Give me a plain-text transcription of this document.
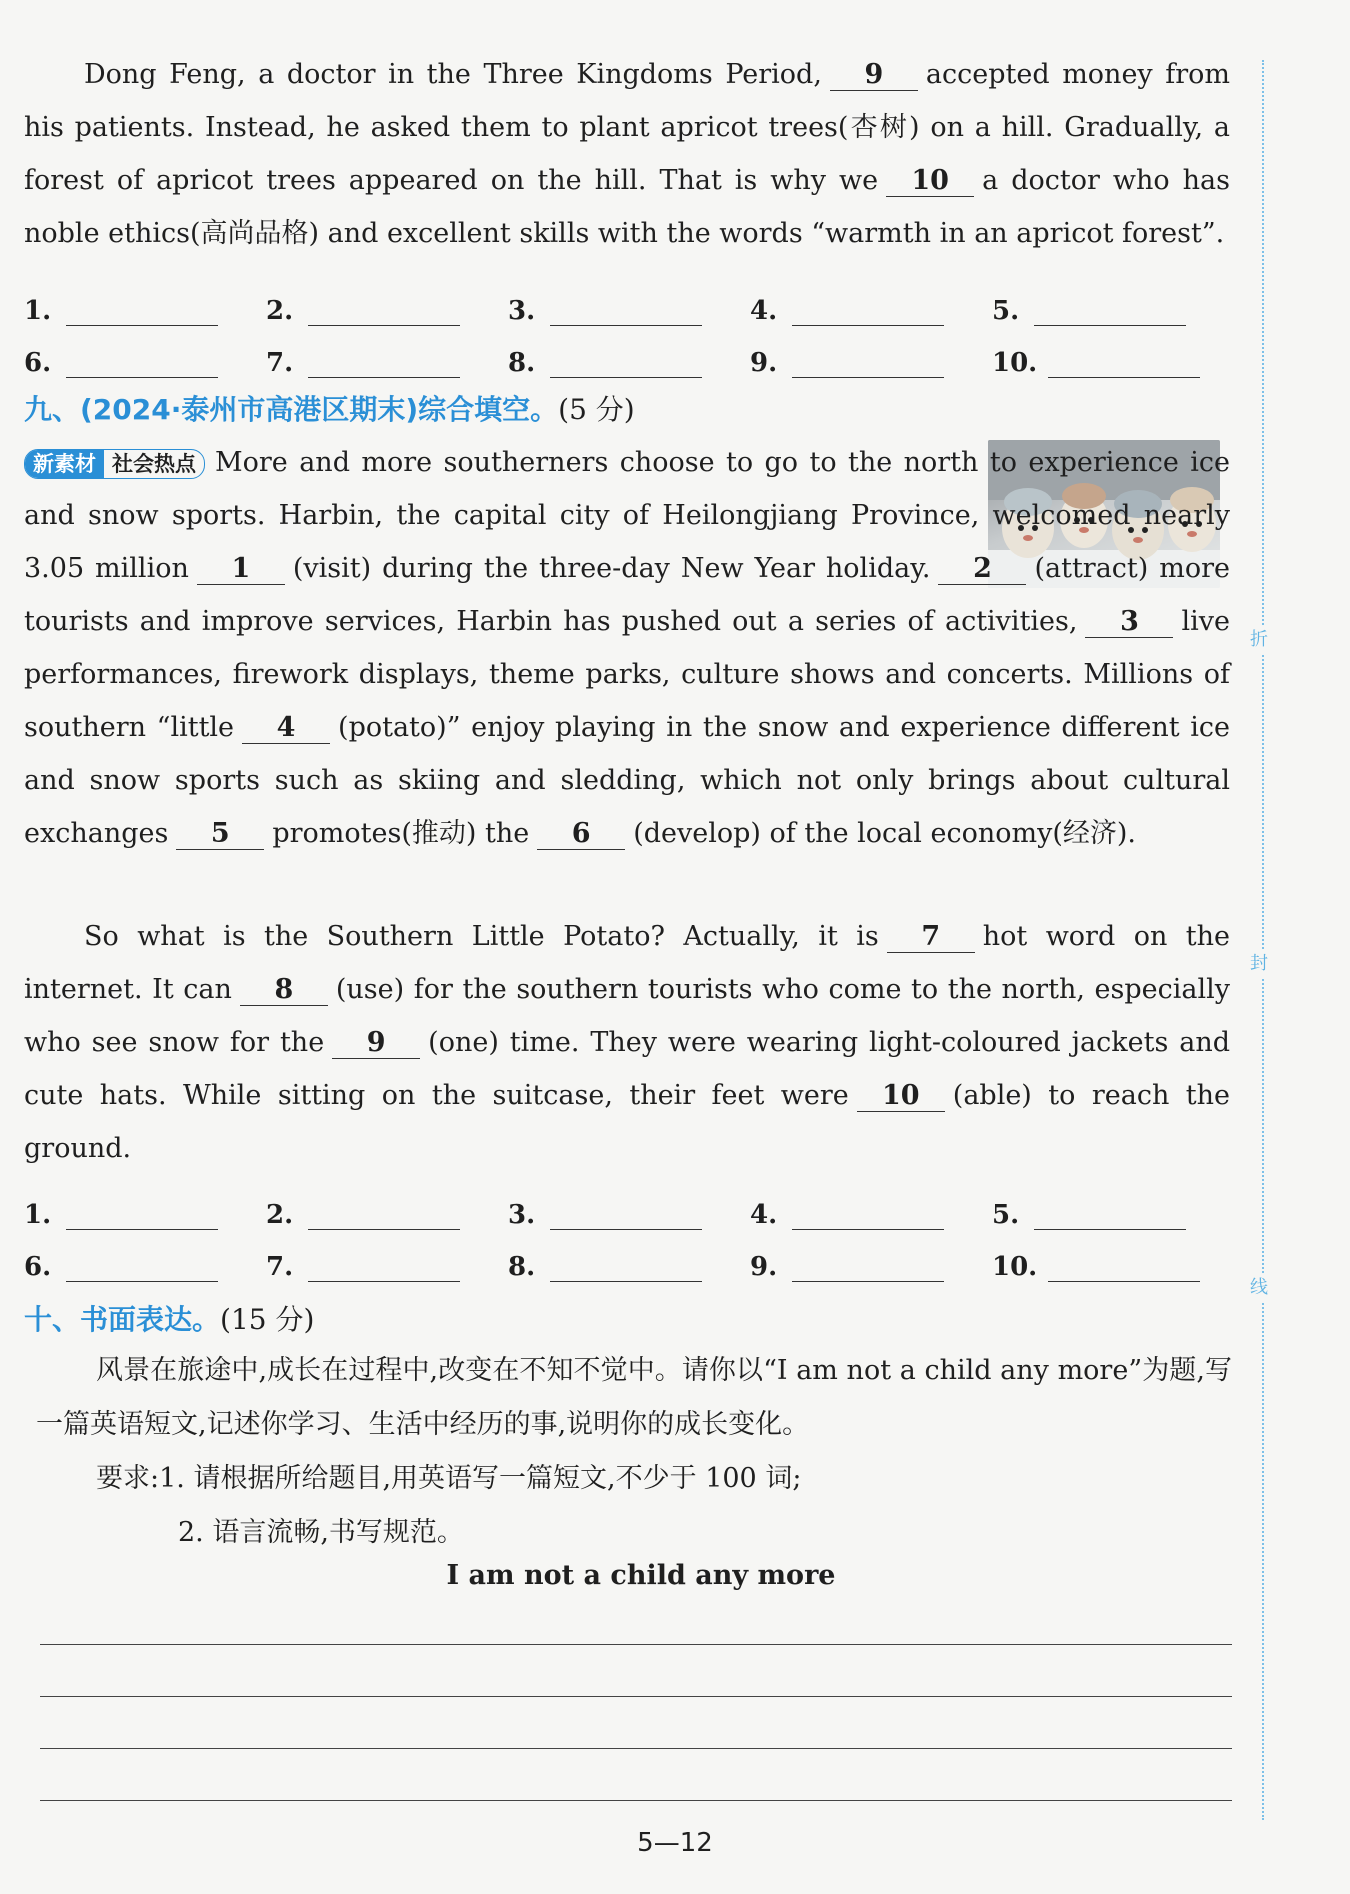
Dong Feng, a doctor in the Three Kingdoms Period, 9 accepted money from his patients. Instead, he asked them to plant apricot trees(杏树) on a hill. Gradually, a forest of apricot trees appeared on the hill. That is why we 10 a doctor who has noble ethics(高尚品格) and excellent skills with the words “warmth in an apricot forest”.

1.	2.	3.	4.	5.
6.	7.	8.	9.	10.
九、(2024·泰州市高港区期末)综合填空。(5 分)

新素材 社会热点 More and more southerners choose to go to the north to experience ice and snow sports. Harbin, the capital city of Heilongjiang Province, welcomed nearly 3.05 million 1 (visit) during the three-day New Year holiday. 2 (attract) more tourists and improve services, Harbin has pushed out a series of activities, 3 live performances, firework displays, theme parks, culture shows and concerts. Millions of southern “little 4 (potato)” enjoy playing in the snow and experience different ice and snow sports such as skiing and sledding, which not only brings about cultural exchanges 5 promotes(推动) the 6 (develop) of the local economy(经济).

So what is the Southern Little Potato? Actually, it is 7 hot word on the internet. It can 8 (use) for the southern tourists who come to the north, especially who see snow for the 9 (one) time. They were wearing light-coloured jackets and cute hats. While sitting on the suitcase, their feet were 10 (able) to reach the ground.

1.	2.	3.	4.	5.
6.	7.	8.	9.	10.
十、书面表达。(15 分)

风景在旅途中,成长在过程中,改变在不知不觉中。请你以“I am not a child any more”为题,写一篇英语短文,记述你学习、生活中经历的事,说明你的成长变化。

要求:1. 请根据所给题目,用英语写一篇短文,不少于 100 词;
2. 语言流畅,书写规范。
I am not a child any more
折
封
线
5—12
